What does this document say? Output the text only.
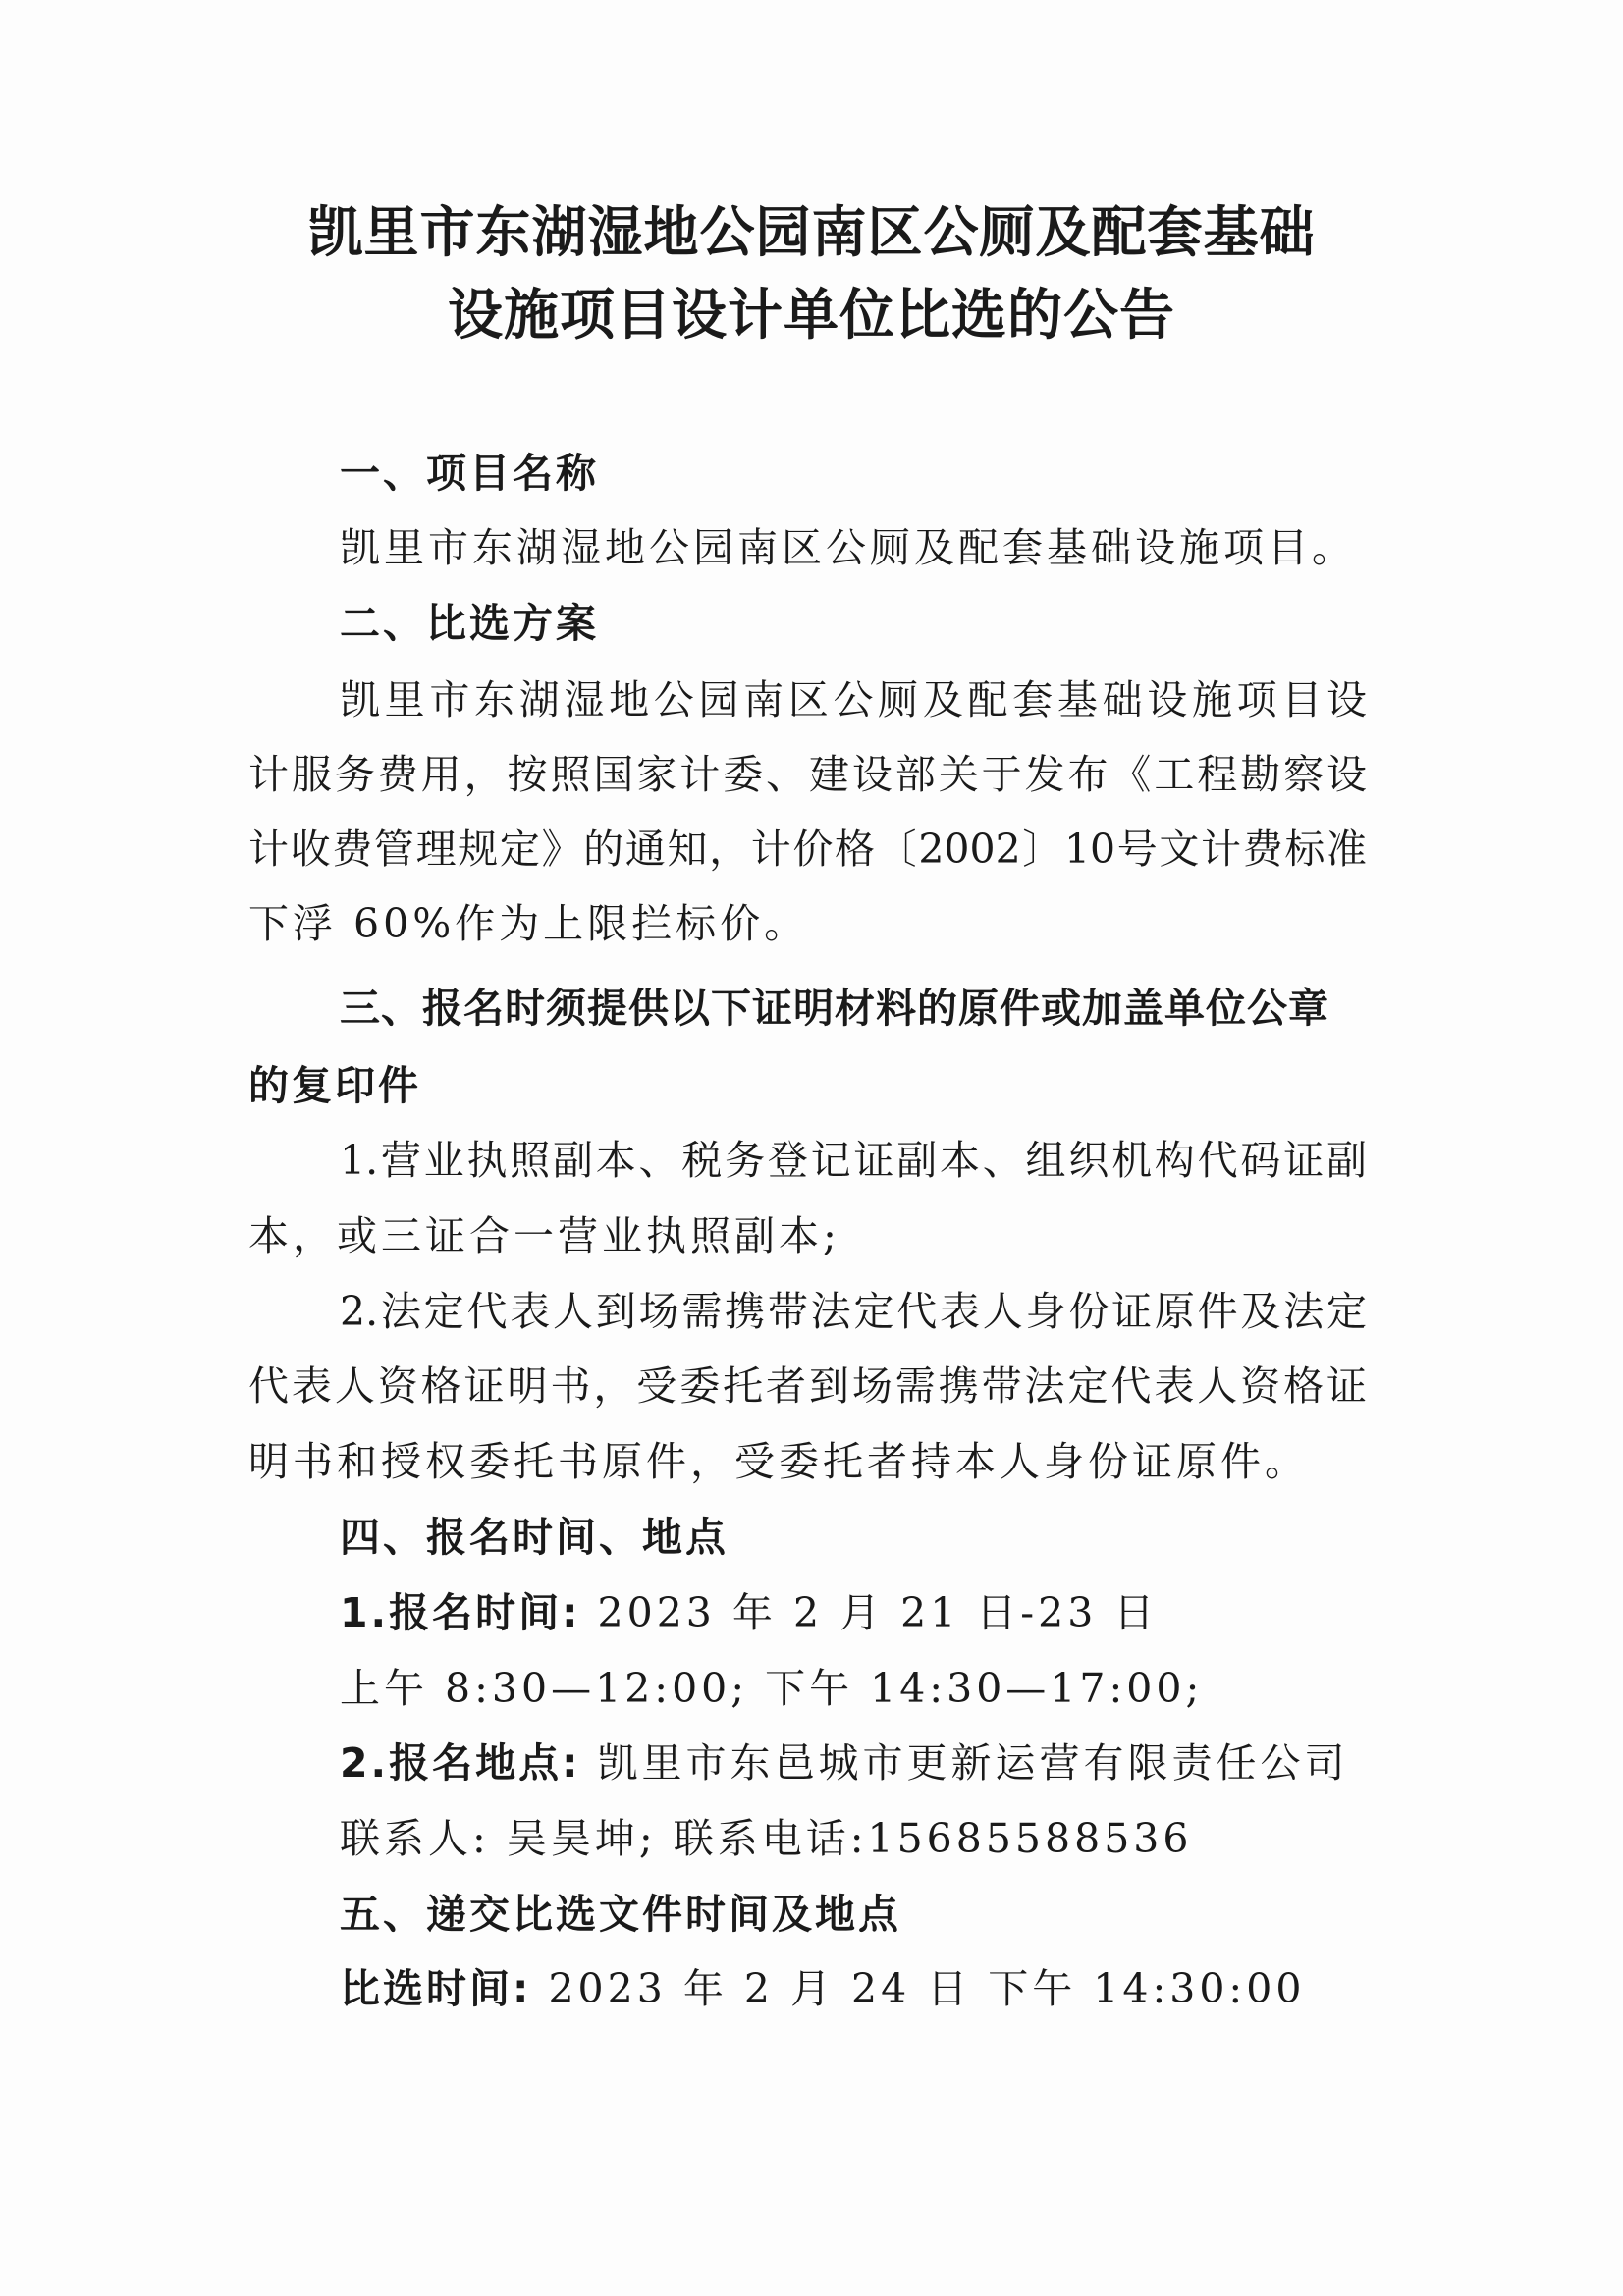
凯里市东湖湿地公园南区公厕及配套基础
设施项目设计单位比选的公告
一、项目名称
凯里市东湖湿地公园南区公厕及配套基础设施项目。
二、比选方案
凯里市东湖湿地公园南区公厕及配套基础设施项目设
计服务费用，按照国家计委、建设部关于发布《工程勘察设
计收费管理规定》的通知，计价格〔2002〕10号文计费标准
下浮 60%作为上限拦标价。
三、报名时须提供以下证明材料的原件或加盖单位公章
的复印件
1.营业执照副本、税务登记证副本、组织机构代码证副
本，或三证合一营业执照副本;
2.法定代表人到场需携带法定代表人身份证原件及法定
代表人资格证明书，受委托者到场需携带法定代表人资格证
明书和授权委托书原件，受委托者持本人身份证原件。
四、报名时间、地点
1.报名时间: 2023 年 2 月 21 日-23 日
上午 8:30—12:00; 下午 14:30—17:00;
2.报名地点: 凯里市东邑城市更新运营有限责任公司
联系人: 吴昊坤; 联系电话:15685588536
五、递交比选文件时间及地点
比选时间: 2023 年 2 月 24 日 下午 14:30:00
